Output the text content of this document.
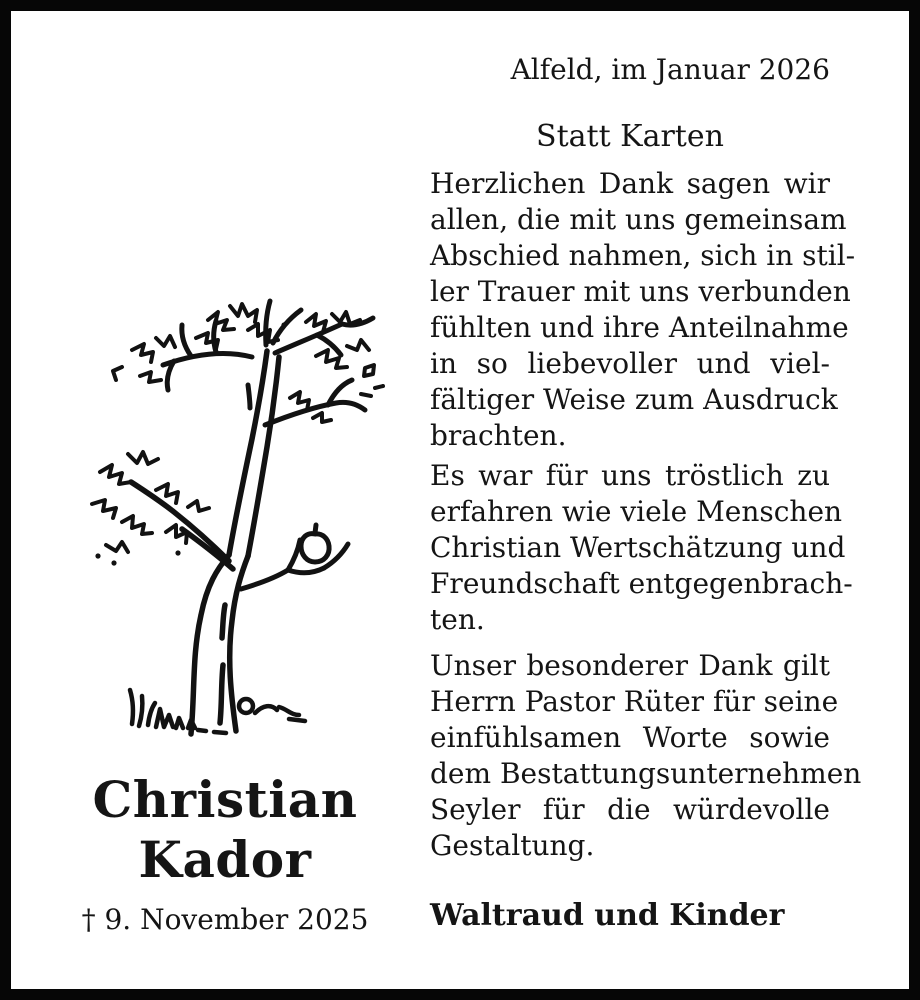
Christian
Kador
† 9. November 2025
Alfeld, im Januar 2026
Statt Karten
Herzlichen Dank sagen wir
allen, die mit uns gemeinsam
Abschied nahmen, sich in stil-
ler Trauer mit uns verbunden
fühlten und ihre Anteilnahme
in so liebevoller und viel-
fältiger Weise zum Ausdruck
brachten.
Es war für uns tröstlich zu
erfahren wie viele Menschen
Christian Wertschätzung und
Freundschaft entgegenbrach-
ten.
Unser besonderer Dank gilt
Herrn Pastor Rüter für seine
einfühlsamen Worte sowie
dem Bestattungsunternehmen
Seyler für die würdevolle
Gestaltung.
Waltraud und Kinder
